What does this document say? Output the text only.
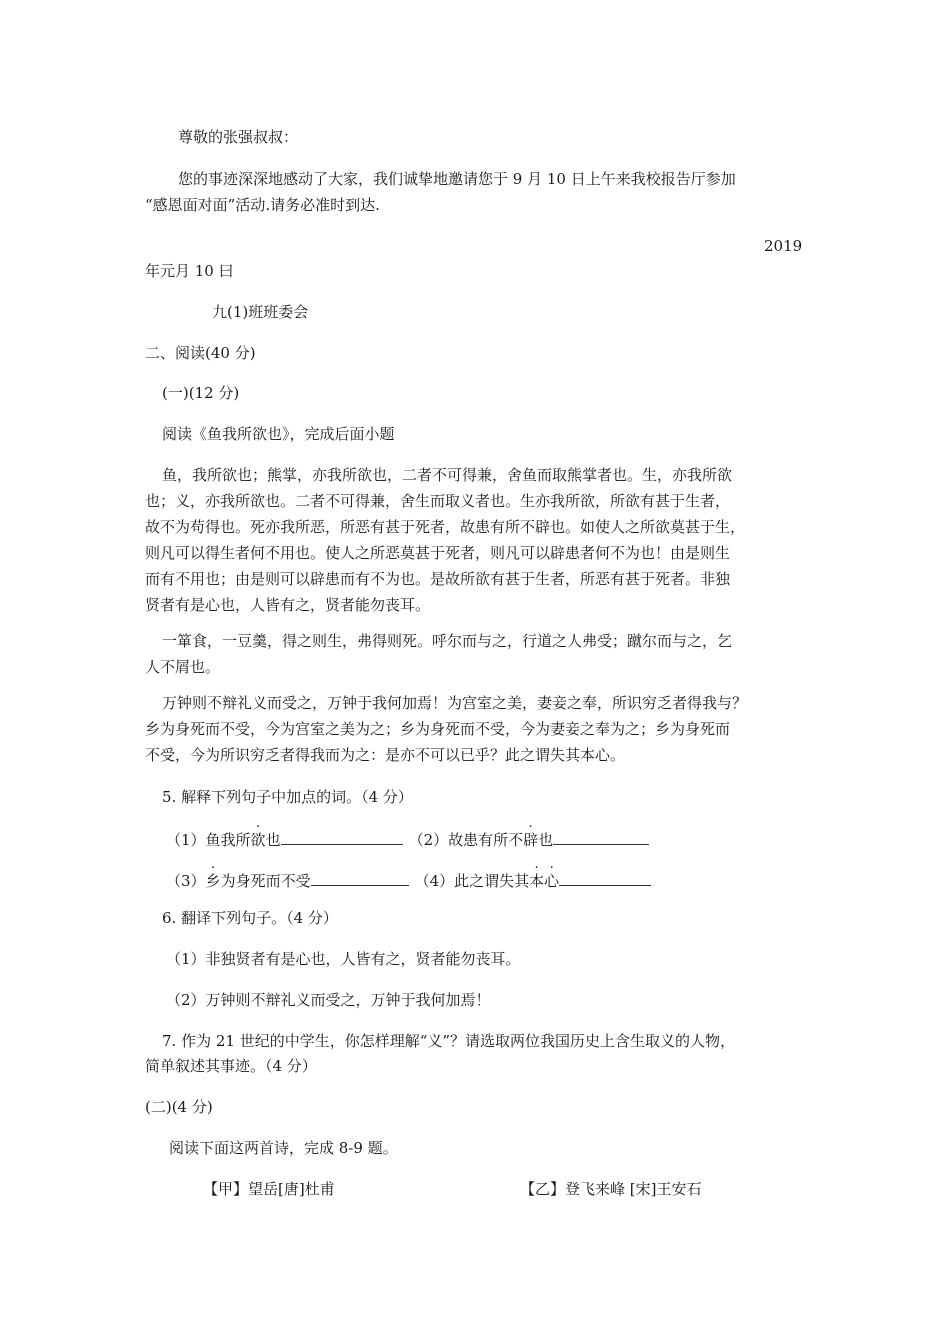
尊敬的张强叔叔：
您的事迹深深地感动了大家，我们诚挚地邀请您于 9 月 10 日上午来我校报告厅参加
“感恩面对面”活动.请务必准时到达.
2019
年元月 10 曰
九(1)班班委会
二、阅读(40 分)
(一)(12 分)
阅读《鱼我所欲也》，完成后面小题

鱼，我所欲也；熊掌，亦我所欲也，二者不可得兼，舍鱼而取熊掌者也。生，亦我所欲

也；义，亦我所欲也。二者不可得兼，舍生而取义者也。生亦我所欲，所欲有甚于生者，

故不为苟得也。死亦我所恶，所恶有甚于死者，故患有所不辟也。如使人之所欲莫甚于生，

则凡可以得生者何不用也。使人之所恶莫甚于死者，则凡可以辟患者何不为也！由是则生

而有不用也；由是则可以辟患而有不为也。是故所欲有甚于生者，所恶有甚于死者。非独

贤者有是心也，人皆有之，贤者能勿丧耳。

一箪食，一豆羹，得之则生，弗得则死。呼尔而与之，行道之人弗受；蹴尔而与之，乞

人不屑也。

万钟则不辩礼义而受之，万钟于我何加焉！为宫室之美，妻妾之奉，所识穷乏者得我与？

乡为身死而不受，今为宫室之美为之；乡为身死而不受，今为妻妾之奉为之；乡为身死而

不受，今为所识穷乏者得我而为之：是亦不可以已乎？此之谓失其本心。

5. 解释下列句子中加点的词。（4 分）
（1）鱼我所欲也	（2）故患有所不辟也
（3）乡为身死而不受	（4）此之谓失其本心
6. 翻译下列句子。（4 分）
（1）非独贤者有是心也，人皆有之，贤者能勿丧耳。
（2）万钟则不辩礼义而受之，万钟于我何加焉！
7. 作为 21 世纪的中学生，你怎样理解“义”？请选取两位我国历史上含生取义的人物，
简单叙述其事迹。（4 分）
(二)(4 分)
阅读下面这两首诗，完成 8-9 题。
【甲】望岳[唐]杜甫	【乙】登飞来峰 [宋]王安石
